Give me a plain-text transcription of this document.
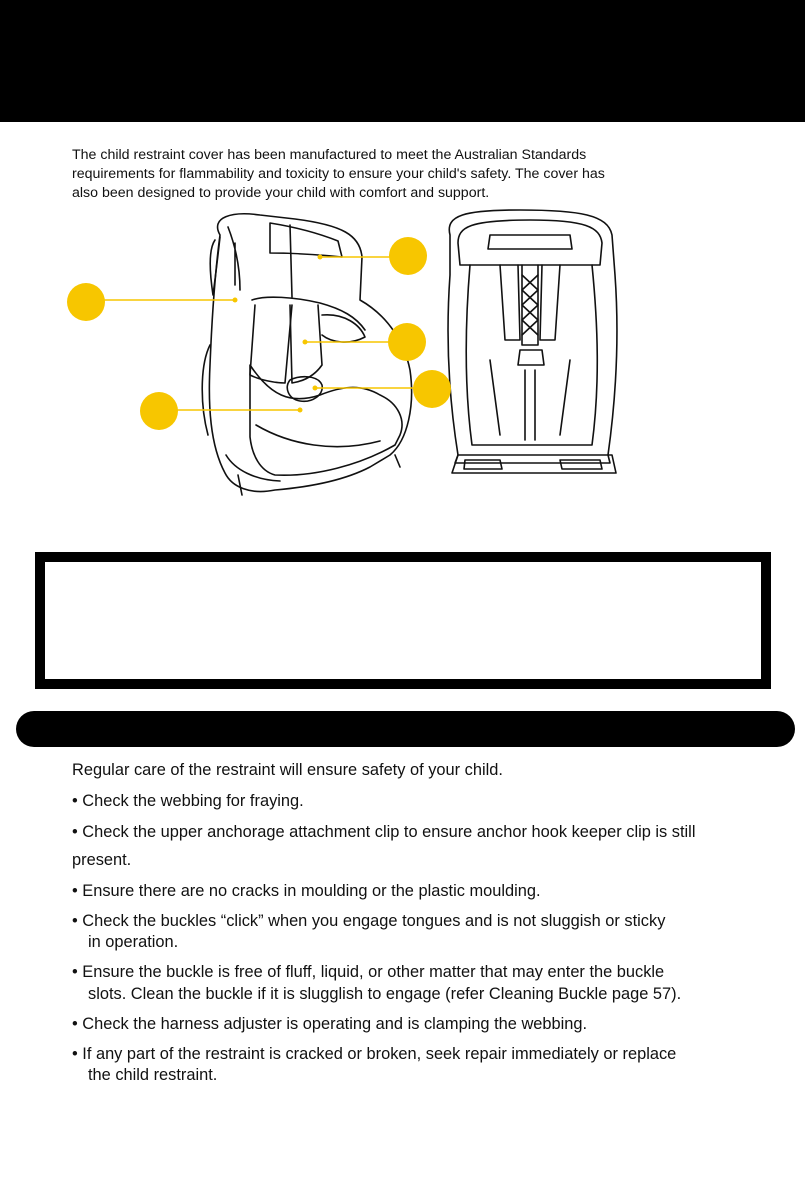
The child restraint cover has been manufactured to meet the Australian Standards
requirements for flammability and toxicity to ensure your child's safety. The cover has
also been designed to provide your child with comfort and support.
Regular care of the restraint will ensure safety of your child.
• Check the webbing for fraying.
• Check the upper anchorage attachment clip to ensure anchor hook keeper clip is still
present.
• Ensure there are no cracks in moulding or the plastic moulding.
• Check the buckles “click” when you engage tongues and is not sluggish or sticky
in operation.
• Ensure the buckle is free of fluff, liquid, or other matter that may enter the buckle
slots. Clean the buckle if it is slugglish to engage (refer Cleaning Buckle page 57).
• Check the harness adjuster is operating and is clamping the webbing.
• If any part of the restraint is cracked or broken, seek repair immediately or replace
the child restraint.
